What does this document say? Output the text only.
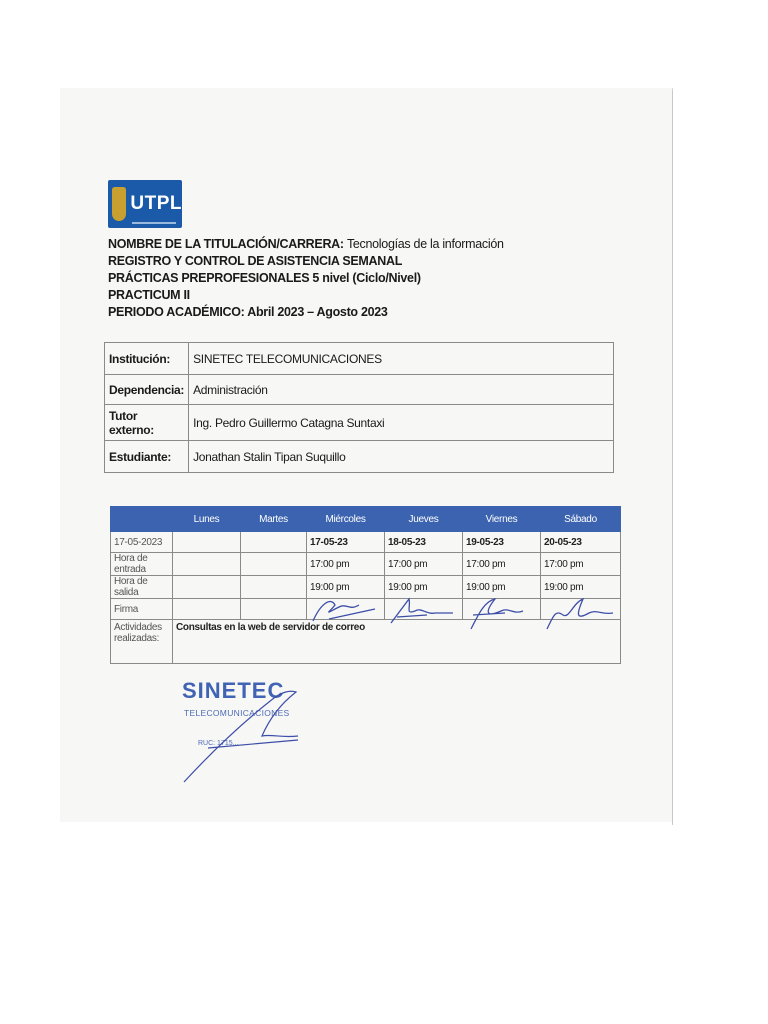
UTPL
NOMBRE DE LA TITULACIÓN/CARRERA: Tecnologías de la información
REGISTRO Y CONTROL DE ASISTENCIA SEMANAL
PRÁCTICAS PREPROFESIONALES 5 nivel (Ciclo/Nivel)
PRACTICUM II
PERIODO ACADÉMICO: Abril 2023 – Agosto 2023
Institución:	SINETEC TELECOMUNICACIONES
Dependencia:	Administración
Tutor externo:	Ing. Pedro Guillermo Catagna Suntaxi
Estudiante:	Jonathan Stalin Tipan Suquillo
	Lunes	Martes	Miércoles	Jueves	Viernes	Sábado
17-05-2023			17-05-23	18-05-23	19-05-23	20-05-23
Hora de entrada			17:00 pm	17:00 pm	17:00 pm	17:00 pm
Hora de salida			19:00 pm	19:00 pm	19:00 pm	19:00 pm
Firma			

Actividades realizadas:	Consultas en la web de servidor de correo					
SINETEC
TELECOMUNICACIONES
RUC: 1715...
